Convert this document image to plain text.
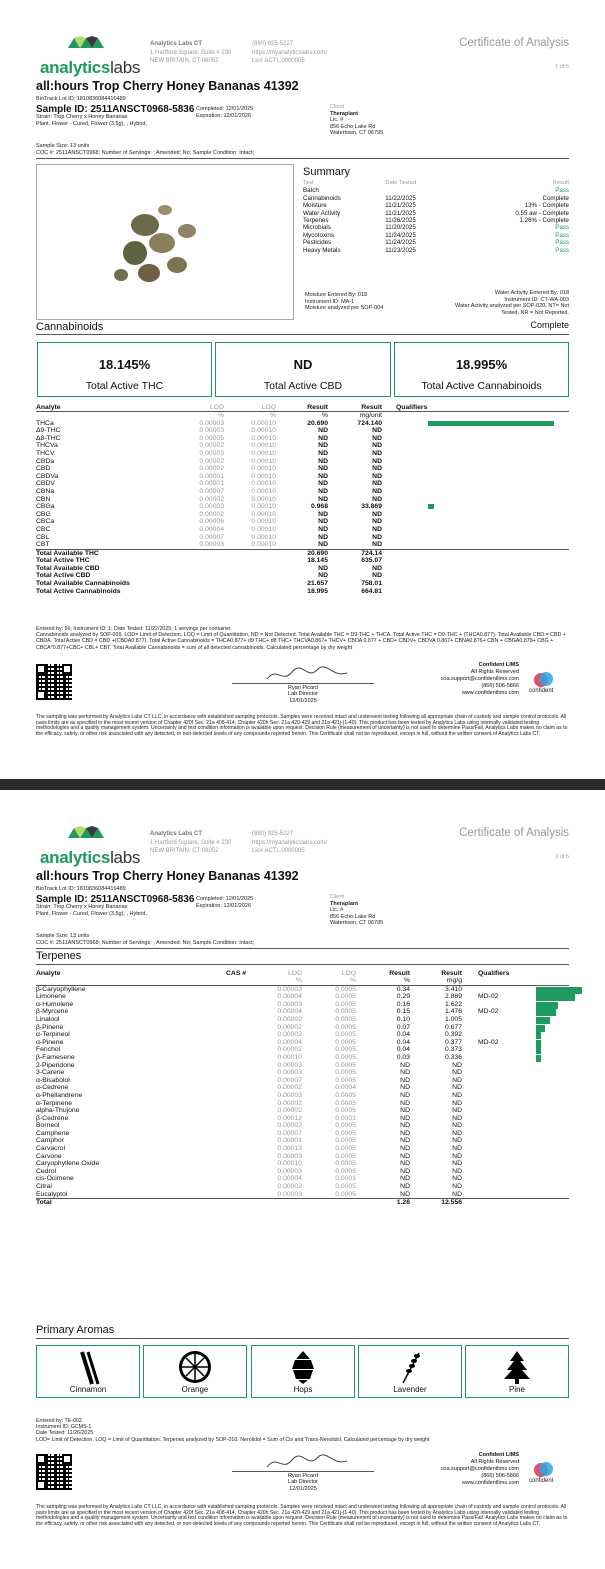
analyticslabs
Analytics Labs CT
1 Hartford Square, Suite # 230
NEW BRITAIN, CT 06052
(860) 925-5227
https://myanalyticslabs.com/
Lic# ACTL.0000005
Certificate of Analysis
1 of 5
all:hours Trop Cherry Honey Bananas 41392
BioTrack Lot ID: 1810836084416489
Sample ID: 2511ANSCT0968-5836
Strain: Trop Cherry x Honey Bananas
Plant, Flower - Cured, Flower (3.5g), , Hybrid,
Completed: 12/01/2025
Expiration: 12/01/2026
Client
Theraplant
Lic. #
856 Echo Lake Rd
Watertown, CT 06795
Sample Size: 13 units
COC #: 2511ANSCT0968; Number of Servings: ; Amended: No; Sample Condition: Intact;
Summary
Test	Date Tested	Result
Batch		Pass
Cannabinoids	11/22/2025	Complete
Moisture	11/21/2025	13% - Complete
Water Activity	11/21/2025	0.55 aw - Complete
Terpenes	11/26/2025	1.26% - Complete
Microbials	11/20/2025	Pass
Mycotoxins	11/24/2025	Pass
Pesticides	11/24/2025	Pass
Heavy Metals	11/23/2025	Pass
Moisture Entered By: 018
Instrument ID: MA-1
Moisture analyzed per SOP-004
Water Activity Entered By: 018
Instrument ID: CT-WA-003
Water Activity analyzed per SOP-020, NT= Not
Tested, NR = Not Reported.
Cannabinoids	Complete
18.145%
Total Active THC
ND
Total Active CBD
18.995%
Total Active Cannabinoids
Analyte	LOD	LOQ	Result	Result	Qualifiers
	%	%	%	mg/unit	
THCa	0.00003	0.00010	20.690	724.140	

Δ9-THC	0.00003	0.00010	ND	ND	
Δ8-THC	0.00005	0.00010	ND	ND	
THCVa	0.00002	0.00010	ND	ND	
THCV	0.00003	0.00010	ND	ND	
CBDa	0.00002	0.00010	ND	ND	
CBD	0.00002	0.00010	ND	ND	
CBDVa	0.00001	0.00010	ND	ND	
CBDV	0.00001	0.00010	ND	ND	
CBNa	0.00007	0.00010	ND	ND	
CBN	0.00002	0.00010	ND	ND	
CBGa	0.00003	0.00010	0.968	33.869	

CBG	0.00002	0.00010	ND	ND	
CBCa	0.00006	0.00010	ND	ND	
CBC	0.00004	0.00010	ND	ND	
CBL	0.00007	0.00010	ND	ND	
CBT	0.00003	0.00010	ND	ND	
Total Available THC			20.690	724.14	
Total Active THC			18.145	635.07	
Total Available CBD			ND	ND	
Total Active CBD			ND	ND	
Total Available Cannabinoids			21.657	758.01	
Total Active Cannabinoids			18.995	664.81	
Entered by: 56; Instrument ID: 1; Date Tested: 11/22/2025; 1 servings per container.
Cannabinoids analyzed by SOP-009. LOD= Limit of Detection, LOQ = Limit of Quantitation, ND = Not Detected. Total Available THC = D9-THC + THCA. Total Active THC = D9-THC + (THCA0.877). Total Available CBD = CBD + CBDA. Total Active CBD = CBD +(CBDA0.877). Total Active Cannabinoids = THCA0.877+ d9 THC+ d8 THC+ THCVA0.867+ THCV+ CBDA 0.877 + CBD+ CBDV+ CBDVA 0.867+ CBNA0.876+ CBN + CBGA0.878+ CBG + CBCA*0.877+CBC+ CBL+ CBT. Total Available Cannabinoids = sum of all detected cannabinoids. Calculated percentage by dry weight
Ryan Picard
Lab Director
12/01/2025
Confident LIMS
All Rights Reserved
coa.support@confidentlims.com
(866) 506-5866
www.confidentlims.com confident
The sampling was performed by Analytics Labs CT LLC, in accordance with established sampling protocols. Samples were received intact and underwent testing following all appropriate chain of custody and sample control protocols. All pass limits are as specified in the most recent version of Chapter 420f Sec. 21a 408-414, Chapter 420h Sec. 21a 420-429 and 21a 421j-(1-40). This product has been tested by Analytics Labs using internally validated testing methodologies and a quality management system. Uncertainty and test condition information is available upon request. Decision Rule (measurement of uncertainty) is not used to determine Pass/Fail. Analytics Labs makes no claim as to the efficacy, safety, or other risk associated with any detected, or non-detected levels of any compounds reported herein. This Certificate shall not be reproduced, except in full, without the written consent of Analytics Labs CT.
analyticslabs
Analytics Labs CT
1 Hartford Square, Suite # 230
NEW BRITAIN, CT 06052
(860) 925-5227
https://myanalyticslabs.com/
Lic# ACTL.0000005
Certificate of Analysis
2 of 5
all:hours Trop Cherry Honey Bananas 41392
BioTrack Lot ID: 1810836084416489
Sample ID: 2511ANSCT0968-5836
Strain: Trop Cherry x Honey Bananas
Plant, Flower - Cured, Flower (3.5g), , Hybrid,
Completed: 12/01/2025
Expiration: 12/01/2026
Client
Theraplant
Lic. #
856 Echo Lake Rd
Watertown, CT 06795
Sample Size: 13 units
COC #: 2511ANSCT0968; Number of Servings: ; Amended: No; Sample Condition: Intact;
Terpenes
Analyte	CAS #	LOD	LOQ	Result	Result	Qualifiers
		%	%	%	mg/g	
β-Caryophyllene		0.00003	0.0005	0.34	3.410	

Limonene		0.00004	0.0005	0.29	2.889	MD-02

α-Humulene		0.00003	0.0005	0.16	1.622	

β-Myrcene		0.00004	0.0005	0.15	1.476	MD-02

Linalool		0.00002	0.0005	0.10	1.005	

β-Pinene		0.00002	0.0005	0.07	0.677	

α-Terpineol		0.00002	0.0005	0.04	0.392	

α-Pinene		0.00004	0.0005	0.04	0.377	MD-02

Fenchol		0.00002	0.0005	0.04	0.373	

β-Farnesene		0.00010	0.0005	0.03	0.336	

2-Piperidone		0.00003	0.0005	ND	ND	
3-Carene		0.00003	0.0005	ND	ND	
α-Bisabolol		0.00007	0.0005	ND	ND	
α-Cedrene		0.00002	0.0004	ND	ND	
α-Phellandrene		0.00003	0.0005	ND	ND	
α-Terpinene		0.00002	0.0005	ND	ND	
alpha-Thujone		0.00002	0.0005	ND	ND	
β-Cedrene		0.00012	0.0001	ND	ND	
Borneol		0.00002	0.0005	ND	ND	
Camphene		0.00007	0.0005	ND	ND	
Camphor		0.00001	0.0005	ND	ND	
Carvacrol		0.00013	0.0005	ND	ND	
Carvone		0.00003	0.0005	ND	ND	
Caryophyllene Oxide		0.00010	0.0005	ND	ND	
Cedrol		0.00003	0.0005	ND	ND	
cis-Ocimene		0.00004	0.0001	ND	ND	
Citral		0.00002	0.0005	ND	ND	
Eucalyptol		0.00003	0.0005	ND	ND	
Total				1.26	12.556	
Primary Aromas
Cinnamon	Orange	Hops	Lavender	Pine
Entered by: TE-002
Instrument ID: GCMS-1
Date Tested: 11/26/2025
LOD= Limit of Detection, LOQ = Limit of Quantitation. Terpenes analyzed by SOP-010. Nerolidol = Sum of Cis and Trans-Nerolidol. Calculated percentage by dry weight
Ryan Picard
Lab Director
12/01/2025
Confident LIMS
All Rights Reserved
coa.support@confidentlims.com
(866) 506-5866
www.confidentlims.com confident
The sampling was performed by Analytics Labs CT LLC, in accordance with established sampling protocols. Samples were received intact and underwent testing following all appropriate chain of custody and sample control protocols. All pass limits are as specified in the most recent version of Chapter 420f Sec. 21a 408-414, Chapter 420h Sec. 21a 420-429 and 21a 421j-(1-40). This product has been tested by Analytics Labs using internally validated testing methodologies and a quality management system. Uncertainty and test condition information is available upon request. Decision Rule (measurement of uncertainty) is not used to determine Pass/Fail. Analytics Labs makes no claim as to the efficacy, safety, or other risk associated with any detected, or non-detected levels of any compounds reported herein. This Certificate shall not be reproduced, except in full, without the written consent of Analytics Labs CT.
